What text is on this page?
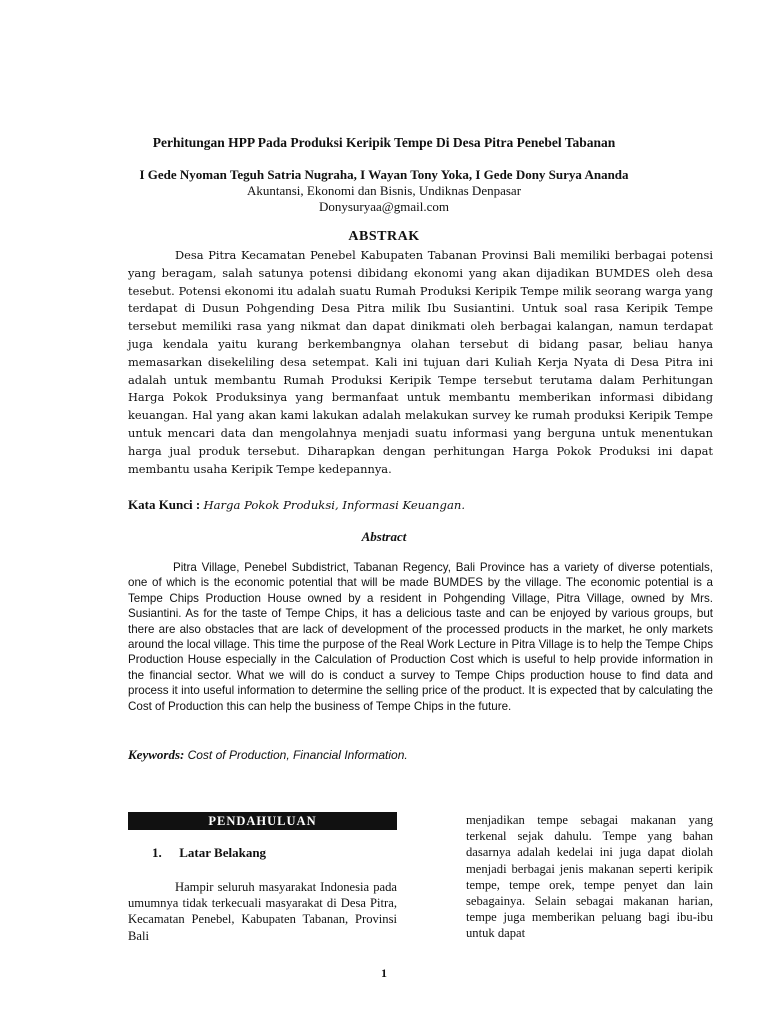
Perhitungan HPP Pada Produksi Keripik Tempe Di Desa Pitra Penebel Tabanan
I Gede Nyoman Teguh Satria Nugraha, I Wayan Tony Yoka, I Gede Dony Surya Ananda
Akuntansi, Ekonomi dan Bisnis, Undiknas Denpasar
Donysuryaa@gmail.com
ABSTRAK

Desa Pitra Kecamatan Penebel Kabupaten Tabanan Provinsi Bali memiliki berbagai potensi yang beragam, salah satunya potensi dibidang ekonomi yang akan dijadikan BUMDES oleh desa tesebut. Potensi ekonomi itu adalah suatu Rumah Produksi Keripik Tempe milik seorang warga yang terdapat di Dusun Pohgending Desa Pitra milik Ibu Susiantini. Untuk soal rasa Keripik Tempe tersebut memiliki rasa yang nikmat dan dapat dinikmati oleh berbagai kalangan, namun terdapat juga kendala yaitu kurang berkembangnya olahan tersebut di bidang pasar, beliau hanya memasarkan disekeliling desa setempat. Kali ini tujuan dari Kuliah Kerja Nyata di Desa Pitra ini adalah untuk membantu Rumah Produksi Keripik Tempe tersebut terutama dalam Perhitungan Harga Pokok Produksinya yang bermanfaat untuk membantu memberikan informasi dibidang keuangan. Hal yang akan kami lakukan adalah melakukan survey ke rumah produksi Keripik Tempe untuk mencari data dan mengolahnya menjadi suatu informasi yang berguna untuk menentukan harga jual produk tersebut. Diharapkan dengan perhitungan Harga Pokok Produksi ini dapat membantu usaha Keripik Tempe kedepannya.

Kata Kunci : Harga Pokok Produksi, Informasi Keuangan.
Abstract

Pitra Village, Penebel Subdistrict, Tabanan Regency, Bali Province has a variety of diverse potentials, one of which is the economic potential that will be made BUMDES by the village. The economic potential is a Tempe Chips Production House owned by a resident in Pohgending Village, Pitra Village, owned by Mrs. Susiantini. As for the taste of Tempe Chips, it has a delicious taste and can be enjoyed by various groups, but there are also obstacles that are lack of development of the processed products in the market, he only markets around the local village. This time the purpose of the Real Work Lecture in Pitra Village is to help the Tempe Chips Production House especially in the Calculation of Production Cost which is useful to help provide information in the financial sector. What we will do is conduct a survey to Tempe Chips production house to find data and process it into useful information to determine the selling price of the product. It is expected that by calculating the Cost of Production this can help the business of Tempe Chips in the future.

Keywords: Cost of Production, Financial Information.
PENDAHULUAN
1. Latar Belakang

Hampir seluruh masyarakat Indonesia pada umumnya tidak terkecuali masyarakat di Desa Pitra, Kecamatan Penebel, Kabupaten Tabanan, Provinsi Bali

menjadikan tempe sebagai makanan yang terkenal sejak dahulu. Tempe yang bahan dasarnya adalah kedelai ini juga dapat diolah menjadi berbagai jenis makanan seperti keripik tempe, tempe orek, tempe penyet dan lain sebagainya. Selain sebagai makanan harian, tempe juga memberikan peluang bagi ibu-ibu untuk dapat

1
